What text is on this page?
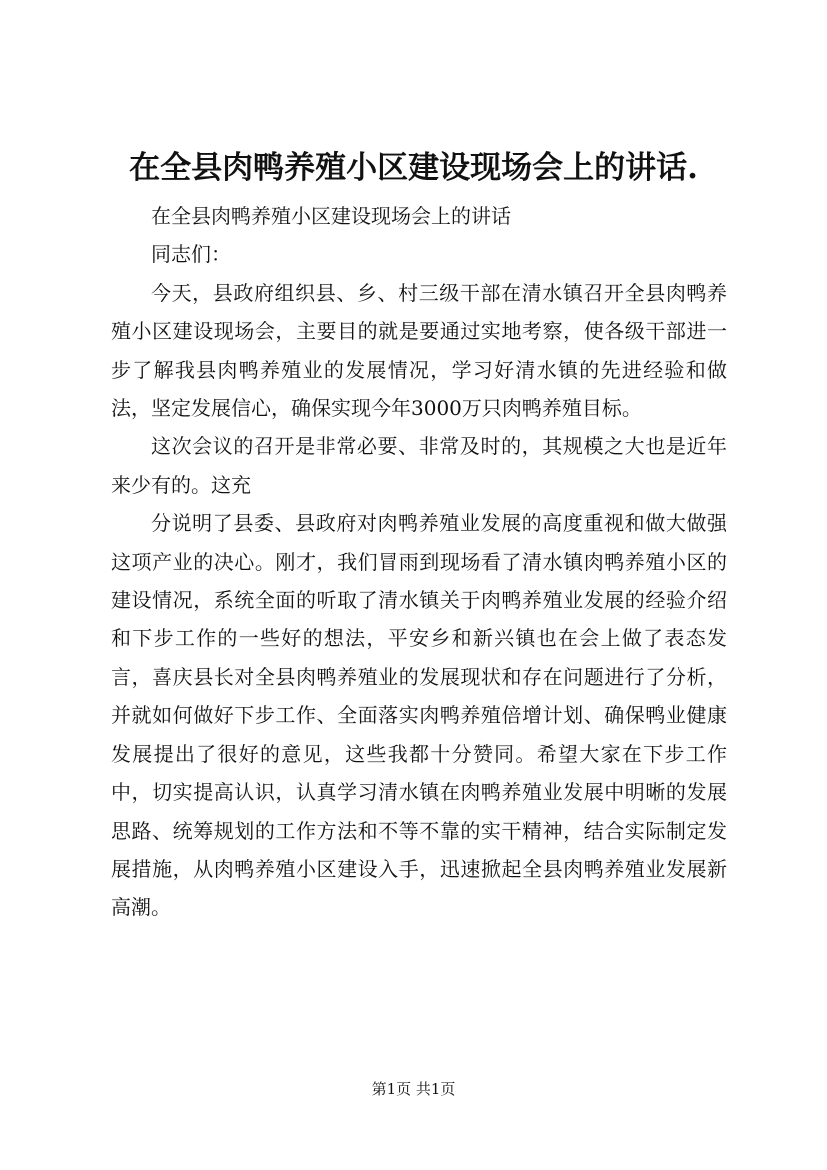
在全县肉鸭养殖小区建设现场会上的讲话.

在全县肉鸭养殖小区建设现场会上的讲话

同志们：

今天，县政府组织县、乡、村三级干部在清水镇召开全县肉鸭养殖小区建设现场会，主要目的就是要通过实地考察，使各级干部进一步了解我县肉鸭养殖业的发展情况，学习好清水镇的先进经验和做法，坚定发展信心，确保实现今年3000万只肉鸭养殖目标。

这次会议的召开是非常必要、非常及时的，其规模之大也是近年来少有的。这充

分说明了县委、县政府对肉鸭养殖业发展的高度重视和做大做强这项产业的决心。刚才，我们冒雨到现场看了清水镇肉鸭养殖小区的建设情况，系统全面的听取了清水镇关于肉鸭养殖业发展的经验介绍和下步工作的一些好的想法，平安乡和新兴镇也在会上做了表态发言，喜庆县长对全县肉鸭养殖业的发展现状和存在问题进行了分析，并就如何做好下步工作、全面落实肉鸭养殖倍增计划、确保鸭业健康发展提出了很好的意见，这些我都十分赞同。希望大家在下步工作中，切实提高认识，认真学习清水镇在肉鸭养殖业发展中明晰的发展思路、统筹规划的工作方法和不等不靠的实干精神，结合实际制定发展措施，从肉鸭养殖小区建设入手，迅速掀起全县肉鸭养殖业发展新高潮。

第1页 共1页
